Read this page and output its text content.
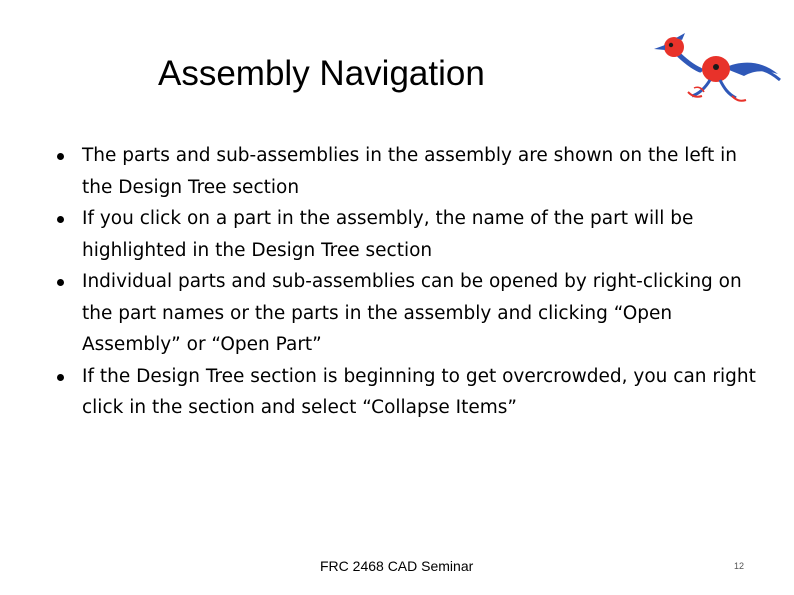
Assembly Navigation
The parts and sub-assemblies in the assembly are shown on the left in the Design Tree section
If you click on a part in the assembly, the name of the part will be highlighted in the Design Tree section
Individual parts and sub-assemblies can be opened by right-clicking on the part names or the parts in the assembly and clicking “Open Assembly” or “Open Part”
If the Design Tree section is beginning to get overcrowded, you can right click in the section and select “Collapse Items”
FRC 2468 CAD Seminar	12
